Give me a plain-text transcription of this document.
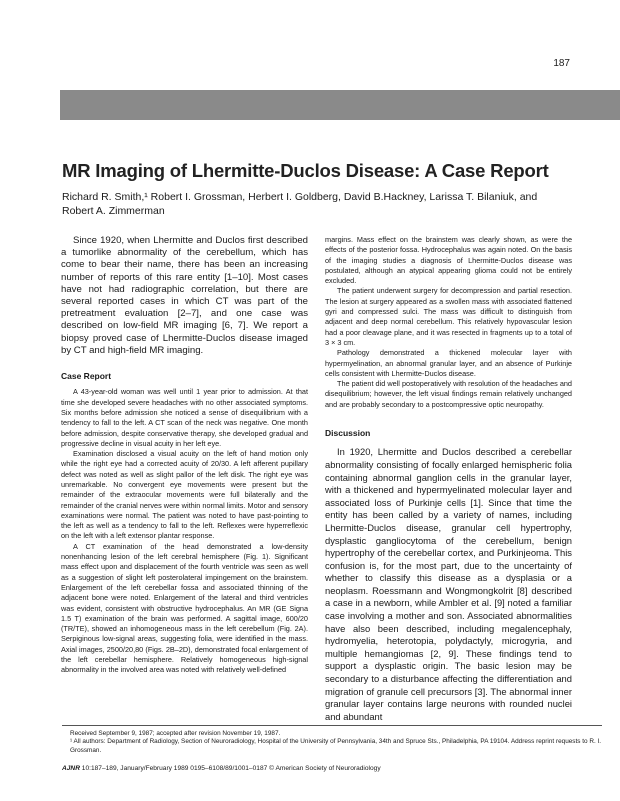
187
MR Imaging of Lhermitte-Duclos Disease: A Case Report
Richard R. Smith,¹ Robert I. Grossman, Herbert I. Goldberg, David B.Hackney, Larissa T. Bilaniuk, and Robert A. Zimmerman

Since 1920, when Lhermitte and Duclos first described a tumorlike abnormality of the cerebellum, which has come to bear their name, there has been an increasing number of reports of this rare entity [1–10]. Most cases have not had radiographic correlation, but there are several reported cases in which CT was part of the pretreatment evaluation [2–7], and one case was described on low-field MR imaging [6, 7]. We report a biopsy proved case of Lhermitte-Duclos disease imaged by CT and high-field MR imaging.

Case Report

A 43-year-old woman was well until 1 year prior to admission. At that time she developed severe headaches with no other associated symptoms. Six months before admission she noticed a sense of disequilibrium with a tendency to fall to the left. A CT scan of the neck was negative. One month before admission, despite conservative therapy, she developed gradual and progressive decline in visual acuity in her left eye.

Examination disclosed a visual acuity on the left of hand motion only while the right eye had a corrected acuity of 20/30. A left afferent pupillary defect was noted as well as slight pallor of the left disk. The right eye was unremarkable. No convergent eye movements were present but the remainder of the extraocular movements were full bilaterally and the remainder of the cranial nerves were within normal limits. Motor and sensory examinations were normal. The patient was noted to have past-pointing to the left as well as a tendency to fall to the left. Reflexes were hyperreflexic on the left with a left extensor plantar response.

A CT examination of the head demonstrated a low-density nonenhancing lesion of the left cerebral hemisphere (Fig. 1). Significant mass effect upon and displacement of the fourth ventricle was seen as well as a suggestion of slight left posterolateral impingement on the brainstem. Enlargement of the left cerebellar fossa and associated thinning of the adjacent bone were noted. Enlargement of the lateral and third ventricles was evident, consistent with obstructive hydrocephalus. An MR (GE Signa 1.5 T) examination of the brain was performed. A sagittal image, 600/20 (TR/TE), showed an inhomogeneous mass in the left cerebellum (Fig. 2A). Serpiginous low-signal areas, suggesting folia, were identified in the mass. Axial images, 2500/20,80 (Figs. 2B–2D), demonstrated focal enlargement of the left cerebellar hemisphere. Relatively homogeneous high-signal abnormality in the involved area was noted with relatively well-defined

margins. Mass effect on the brainstem was clearly shown, as were the effects of the posterior fossa. Hydrocephalus was again noted. On the basis of the imaging studies a diagnosis of Lhermitte-Duclos disease was postulated, although an atypical appearing glioma could not be entirely excluded.

The patient underwent surgery for decompression and partial resection. The lesion at surgery appeared as a swollen mass with associated flattened gyri and compressed sulci. The mass was difficult to distinguish from adjacent and deep normal cerebellum. This relatively hypovascular lesion had a poor cleavage plane, and it was resected in fragments up to a total of 3 × 3 cm.

Pathology demonstrated a thickened molecular layer with hypermyelination, an abnormal granular layer, and an absence of Purkinje cells consistent with Lhermitte-Duclos disease.

The patient did well postoperatively with resolution of the headaches and disequilibrium; however, the left visual findings remain relatively unchanged and are probably secondary to a postcompressive optic neuropathy.

Discussion

In 1920, Lhermitte and Duclos described a cerebellar abnormality consisting of focally enlarged hemispheric folia containing abnormal ganglion cells in the granular layer, with a thickened and hypermyelinated molecular layer and associated loss of Purkinje cells [1]. Since that time the entity has been called by a variety of names, including Lhermitte-Duclos disease, granular cell hypertrophy, dysplastic gangliocytoma of the cerebellum, benign hypertrophy of the cerebellar cortex, and Purkinjeoma. This confusion is, for the most part, due to the uncertainty of whether to classify this disease as a dysplasia or a neoplasm. Roessmann and Wongmongkolrit [8] described a case in a newborn, while Ambler et al. [9] noted a familiar case involving a mother and son. Associated abnormalities have also been described, including megalencephaly, hydromyelia, heterotopia, polydactyly, microgyria, and multiple hemangiomas [2, 9]. These findings tend to support a dysplastic origin. The basic lesion may be secondary to a disturbance affecting the differentiation and migration of granule cell precursors [3]. The abnormal inner granular layer contains large neurons with rounded nuclei and abundant

Received September 9, 1987; accepted after revision November 19, 1987.
¹ All authors: Department of Radiology, Section of Neuroradiology, Hospital of the University of Pennsylvania, 34th and Spruce Sts., Philadelphia, PA 19104. Address reprint requests to R. I. Grossman.
AJNR 10:187–189, January/February 1989 0195–6108/89/1001–0187 © American Society of Neuroradiology
